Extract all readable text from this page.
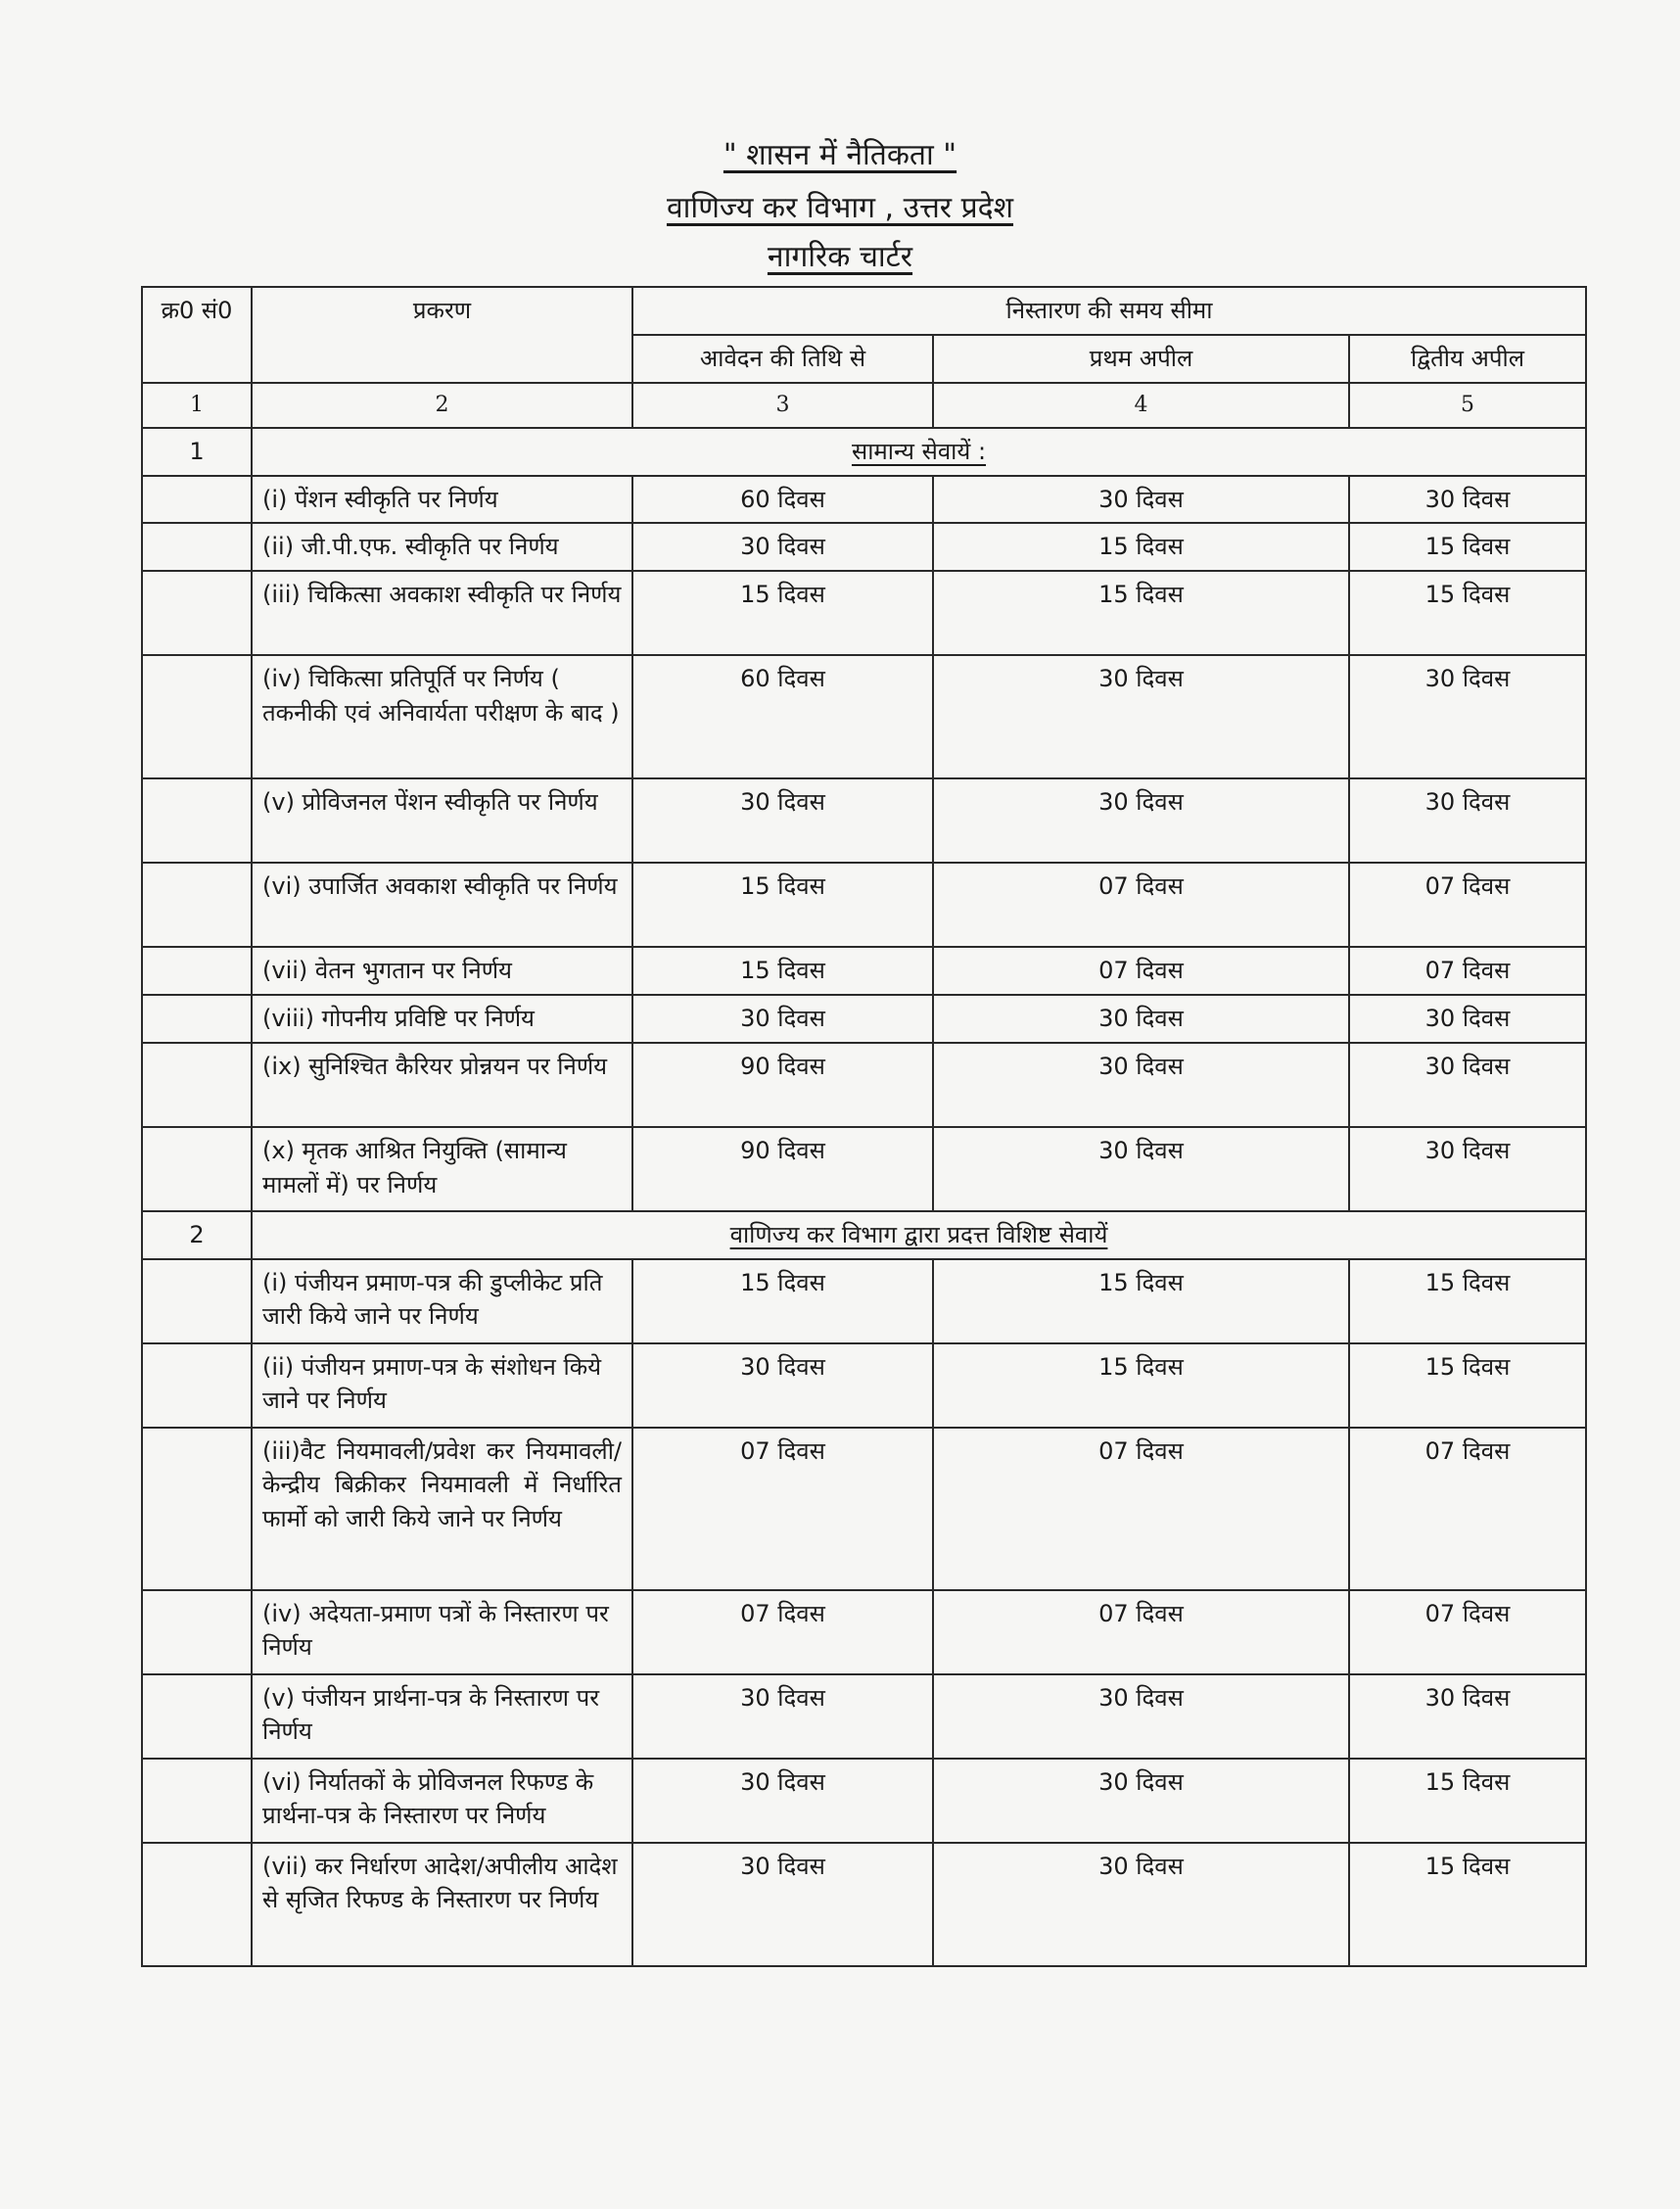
" शासन में नैतिकता "
वाणिज्य कर विभाग , उत्तर प्रदेश
नागरिक चार्टर
क्र0 सं0	प्रकरण	निस्तारण की समय सीमा		
		आवेदन की तिथि से	प्रथम अपील	द्वितीय अपील
1	2	3	4	5
1	सामान्य सेवायें :			
	(i) पेंशन स्वीकृति पर निर्णय	60 दिवस	30 दिवस	30 दिवस
	(ii) जी.पी.एफ. स्वीकृति पर निर्णय	30 दिवस	15 दिवस	15 दिवस
	(iii) चिकित्सा अवकाश स्वीकृति पर निर्णय	15 दिवस	15 दिवस	15 दिवस
	(iv) चिकित्सा प्रतिपूर्ति पर निर्णय ( तकनीकी एवं अनिवार्यता परीक्षण के बाद )	60 दिवस	30 दिवस	30 दिवस
	(v) प्रोविजनल पेंशन स्वीकृति पर निर्णय	30 दिवस	30 दिवस	30 दिवस
	(vi) उपार्जित अवकाश स्वीकृति पर निर्णय	15 दिवस	07 दिवस	07 दिवस
	(vii) वेतन भुगतान पर निर्णय	15 दिवस	07 दिवस	07 दिवस
	(viii) गोपनीय प्रविष्टि पर निर्णय	30 दिवस	30 दिवस	30 दिवस
	(ix) सुनिश्चित कैरियर प्रोन्नयन पर निर्णय	90 दिवस	30 दिवस	30 दिवस
	(x) मृतक आश्रित नियुक्ति (सामान्य मामलों में) पर निर्णय	90 दिवस	30 दिवस	30 दिवस
2	वाणिज्य कर विभाग द्वारा प्रदत्त विशिष्ट सेवायें			
	(i) पंजीयन प्रमाण-पत्र की डुप्लीकेट प्रति जारी किये जाने पर निर्णय	15 दिवस	15 दिवस	15 दिवस
	(ii) पंजीयन प्रमाण-पत्र के संशोधन किये जाने पर निर्णय	30 दिवस	15 दिवस	15 दिवस
	(iii)वैट नियमावली/प्रवेश कर नियमावली/ केन्द्रीय बिक्रीकर नियमावली में निर्धारित फार्मो को जारी किये जाने पर निर्णय	07 दिवस	07 दिवस	07 दिवस
	(iv) अदेयता-प्रमाण पत्रों के निस्तारण पर निर्णय	07 दिवस	07 दिवस	07 दिवस
	(v) पंजीयन प्रार्थना-पत्र के निस्तारण पर निर्णय	30 दिवस	30 दिवस	30 दिवस
	(vi) निर्यातकों के प्रोविजनल रिफण्ड के प्रार्थना-पत्र के निस्तारण पर निर्णय	30 दिवस	30 दिवस	15 दिवस
	(vii) कर निर्धारण आदेश/अपीलीय आदेश से सृजित रिफण्ड के निस्तारण पर निर्णय	30 दिवस	30 दिवस	15 दिवस
